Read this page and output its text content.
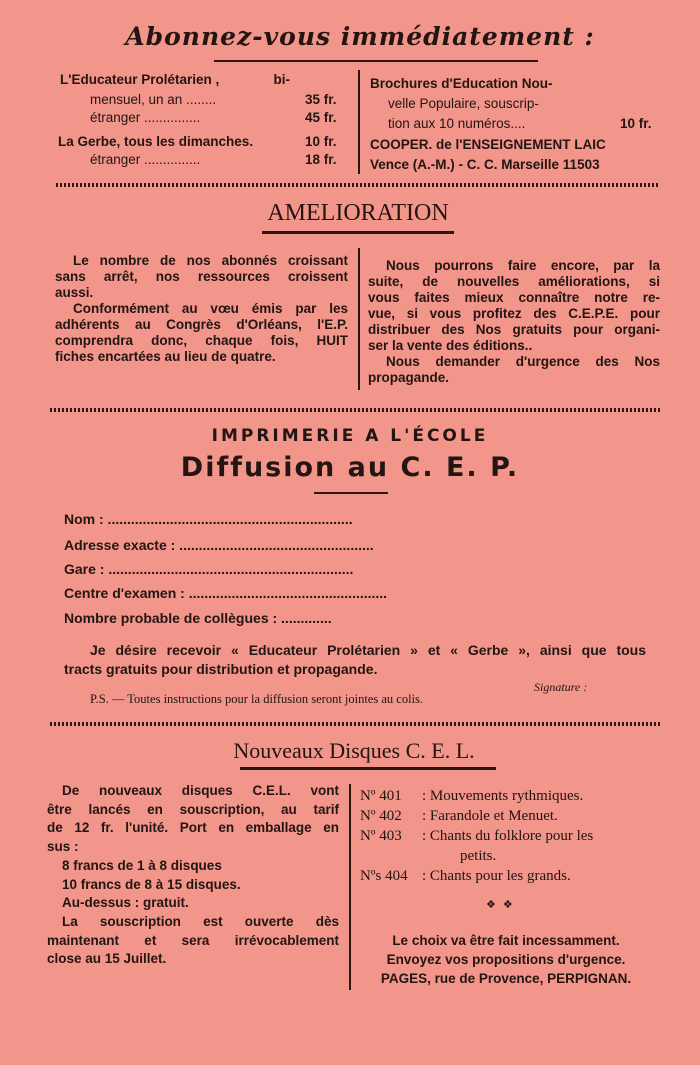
Abonnez-vous immédiatement :
L'Educateur Prolétarien ,	bi-
mensuel, un an ........	35 fr.
étranger ...............	45 fr.
La Gerbe, tous les dimanches.	10 fr.
étranger ...............	18 fr.
Brochures d'Education Nou-
velle Populaire, souscrip-
tion aux 10 numéros....	10 fr.
COOPER. de l'ENSEIGNEMENT LAIC
Vence (A.-M.) - C. C. Marseille 11503
AMELIORATION
Le nombre de nos abonnés croissant
sans arrêt, nos ressources croissent
aussi.
Conformément au vœu émis par les
adhérents au Congrès d'Orléans, l'E.P.
comprendra donc, chaque fois, HUIT
fiches encartées au lieu de quatre.
Nous pourrons faire encore, par la
suite, de nouvelles améliorations, si
vous faites mieux connaître notre re-
vue, si vous profitez des C.E.P.E. pour
distribuer des Nos gratuits pour organi-
ser la vente des éditions..
Nous demander d'urgence des Nos
propagande.
IMPRIMERIE A L'ÉCOLE
Diffusion au C. E. P.
Nom : ...............................................................
Adresse exacte : ..................................................
Gare : ...............................................................
Centre d'examen : ...................................................
Nombre probable de collègues : .............
Je désire recevoir « Educateur Prolétarien » et « Gerbe », ainsi que tous
tracts gratuits pour distribution et propagande.
Signature :
P.S. — Toutes instructions pour la diffusion seront jointes au colis.
Nouveaux Disques C. E. L.
De nouveaux disques C.E.L. vont
être lancés en souscription, au tarif
de 12 fr. l'unité. Port en emballage en
sus :
8 francs de 1 à 8 disques
10 francs de 8 à 15 disques.
Au-dessus : gratuit.
La souscription est ouverte dès
maintenant et sera irrévocablement
close au 15 Juillet.
Nº 401 : Mouvements rythmiques.
Nº 402 : Farandole et Menuet.
Nº 403 : Chants du folklore pour les
petits.
Nºs 404 : Chants pour les grands.
❖ ❖
Le choix va être fait incessamment.
Envoyez vos propositions d'urgence.
PAGES, rue de Provence, PERPIGNAN.
